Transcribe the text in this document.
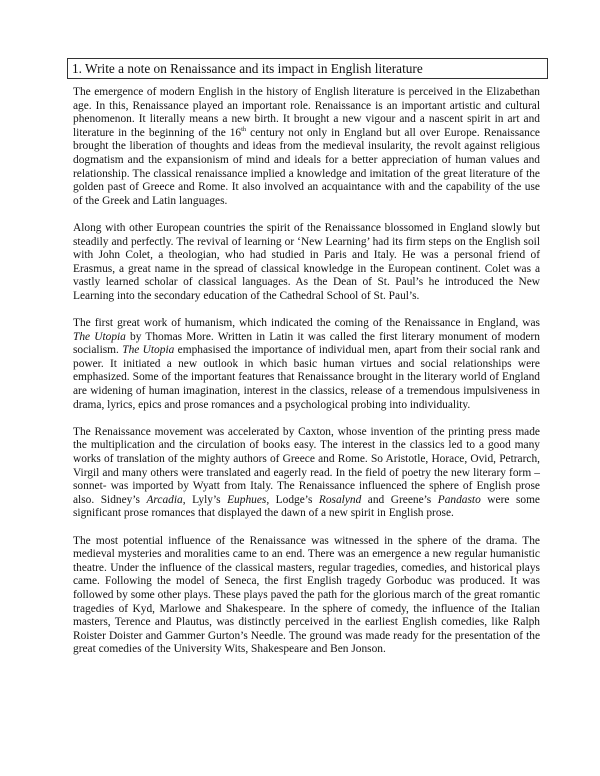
1. Write a note on Renaissance and its impact in English literature

The emergence of modern English in the history of English literature is perceived in the Elizabethan age. In this, Renaissance played an important role. Renaissance is an important artistic and cultural phenomenon. It literally means a new birth. It brought a new vigour and a nascent spirit in art and literature in the beginning of the 16th century not only in England but all over Europe. Renaissance brought the liberation of thoughts and ideas from the medieval insularity, the revolt against religious dogmatism and the expansionism of mind and ideals for a better appreciation of human values and relationship. The classical renaissance implied a knowledge and imitation of the great literature of the golden past of Greece and Rome. It also involved an acquaintance with and the capability of the use of the Greek and Latin languages.

Along with other European countries the spirit of the Renaissance blossomed in England slowly but steadily and perfectly. The revival of learning or ‘New Learning’ had its firm steps on the English soil with John Colet, a theologian, who had studied in Paris and Italy. He was a personal friend of Erasmus, a great name in the spread of classical knowledge in the European continent. Colet was a vastly learned scholar of classical languages. As the Dean of St. Paul’s he introduced the New Learning into the secondary education of the Cathedral School of St. Paul’s.

The first great work of humanism, which indicated the coming of the Renaissance in England, was The Utopia by Thomas More. Written in Latin it was called the first literary monument of modern socialism. The Utopia emphasised the importance of individual men, apart from their social rank and power. It initiated a new outlook in which basic human virtues and social relationships were emphasized. Some of the important features that Renaissance brought in the literary world of England are widening of human imagination, interest in the classics, release of a tremendous impulsiveness in drama, lyrics, epics and prose romances and a psychological probing into individuality.

The Renaissance movement was accelerated by Caxton, whose invention of the printing press made the multiplication and the circulation of books easy. The interest in the classics led to a good many works of translation of the mighty authors of Greece and Rome. So Aristotle, Horace, Ovid, Petrarch, Virgil and many others were translated and eagerly read. In the field of poetry the new literary form –sonnet- was imported by Wyatt from Italy. The Renaissance influenced the sphere of English prose also. Sidney’s Arcadia, Lyly’s Euphues, Lodge’s Rosalynd and Greene’s Pandasto were some significant prose romances that displayed the dawn of a new spirit in English prose.

The most potential influence of the Renaissance was witnessed in the sphere of the drama. The medieval mysteries and moralities came to an end. There was an emergence a new regular humanistic theatre. Under the influence of the classical masters, regular tragedies, comedies, and historical plays came. Following the model of Seneca, the first English tragedy Gorboduc was produced. It was followed by some other plays. These plays paved the path for the glorious march of the great romantic tragedies of Kyd, Marlowe and Shakespeare. In the sphere of comedy, the influence of the Italian masters, Terence and Plautus, was distinctly perceived in the earliest English comedies, like Ralph Roister Doister and Gammer Gurton’s Needle. The ground was made ready for the presentation of the great comedies of the University Wits, Shakespeare and Ben Jonson.
